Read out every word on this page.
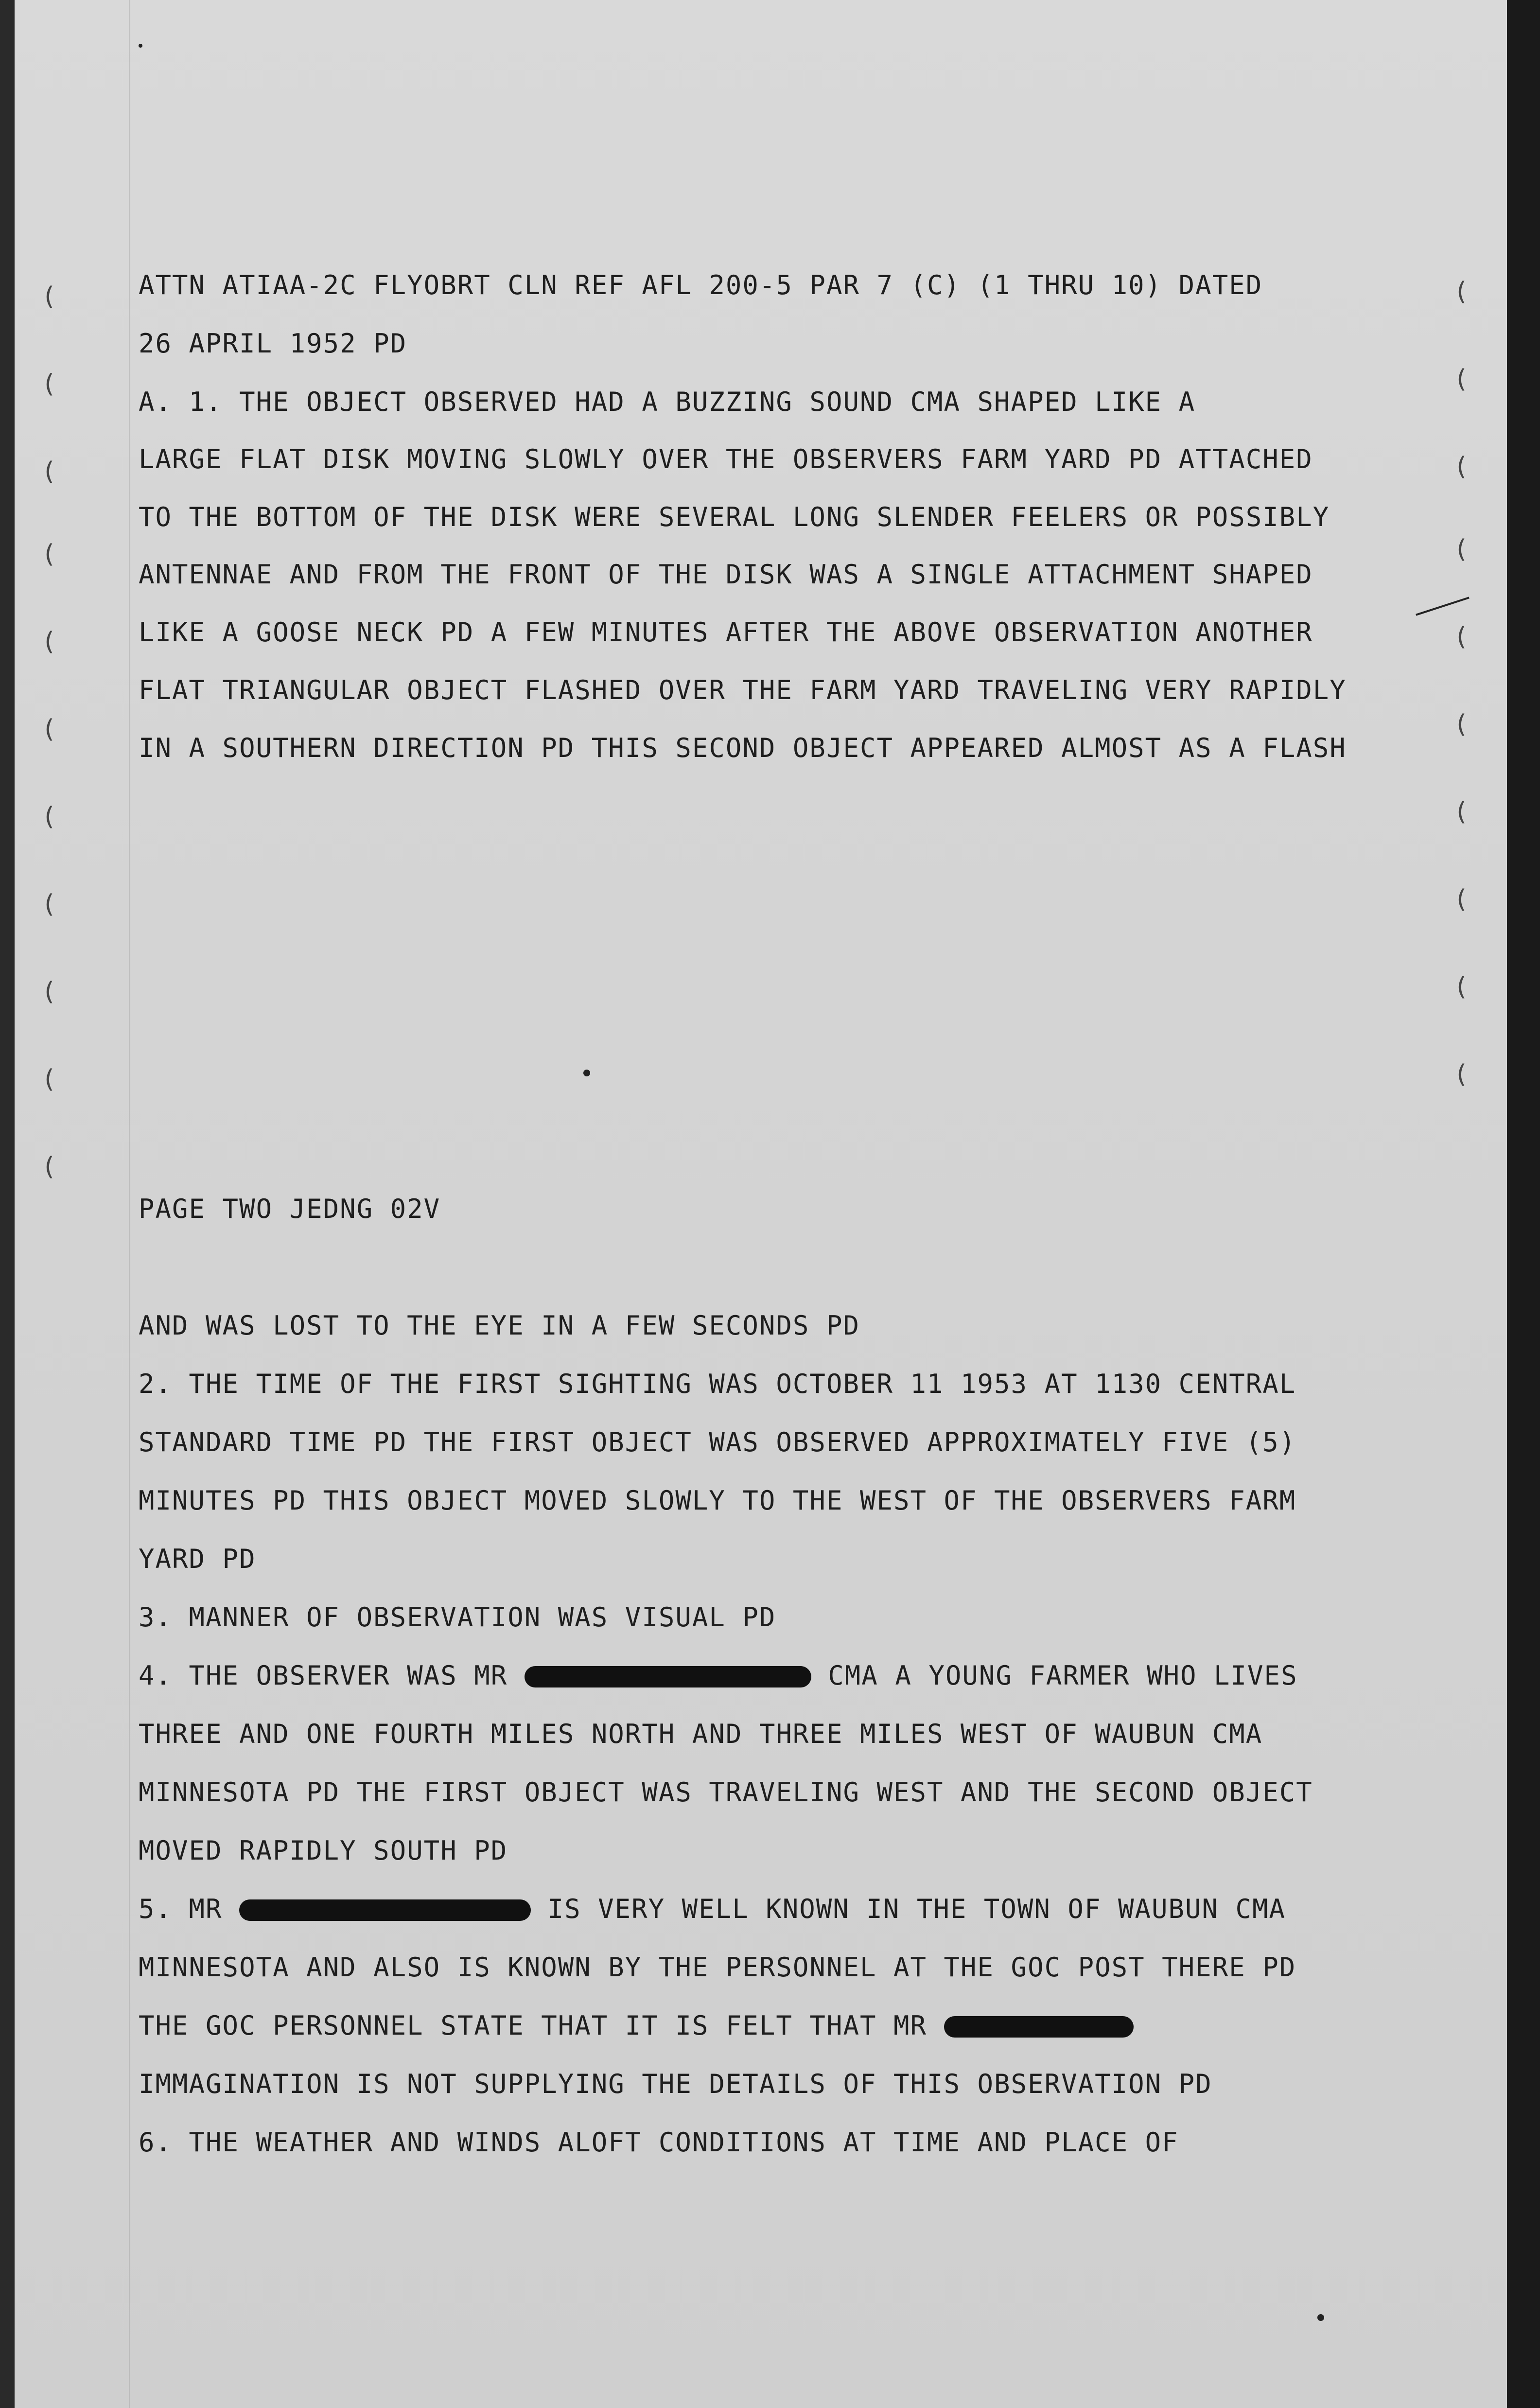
ATTN ATIAA-2C FLYOBRT CLN REF AFL 200-5 PAR 7 (C) (1 THRU 10) DATED

26 APRIL 1952 PD

A. 1. THE OBJECT OBSERVED HAD A BUZZING SOUND CMA SHAPED LIKE A

LARGE FLAT DISK MOVING SLOWLY OVER THE OBSERVERS FARM YARD PD ATTACHED

TO THE BOTTOM OF THE DISK WERE SEVERAL LONG SLENDER FEELERS OR POSSIBLY

ANTENNAE AND FROM THE FRONT OF THE DISK WAS A SINGLE ATTACHMENT SHAPED

LIKE A GOOSE NECK PD A FEW MINUTES AFTER THE ABOVE OBSERVATION ANOTHER

FLAT TRIANGULAR OBJECT FLASHED OVER THE FARM YARD TRAVELING VERY RAPIDLY

IN A SOUTHERN DIRECTION PD THIS SECOND OBJECT APPEARED ALMOST AS A FLASH

PAGE TWO JEDNG 02V

AND WAS LOST TO THE EYE IN A FEW SECONDS PD

2. THE TIME OF THE FIRST SIGHTING WAS OCTOBER 11 1953 AT 1130 CENTRAL

STANDARD TIME PD THE FIRST OBJECT WAS OBSERVED APPROXIMATELY FIVE (5)

MINUTES PD THIS OBJECT MOVED SLOWLY TO THE WEST OF THE OBSERVERS FARM

YARD PD

3. MANNER OF OBSERVATION WAS VISUAL PD

4. THE OBSERVER WAS MR	CMA A YOUNG FARMER WHO LIVES

THREE AND ONE FOURTH MILES NORTH AND THREE MILES WEST OF WAUBUN CMA

MINNESOTA PD THE FIRST OBJECT WAS TRAVELING WEST AND THE SECOND OBJECT

MOVED RAPIDLY SOUTH PD

5. MR	IS VERY WELL KNOWN IN THE TOWN OF WAUBUN CMA

MINNESOTA AND ALSO IS KNOWN BY THE PERSONNEL AT THE GOC POST THERE PD

THE GOC PERSONNEL STATE THAT IT IS FELT THAT MR

IMMAGINATION IS NOT SUPPLYING THE DETAILS OF THIS OBSERVATION PD

6. THE WEATHER AND WINDS ALOFT CONDITIONS AT TIME AND PLACE OF

(
(
(
(
(
(
(
(
(
(
(
(
(
(
(
(
(
(
(
(
(
